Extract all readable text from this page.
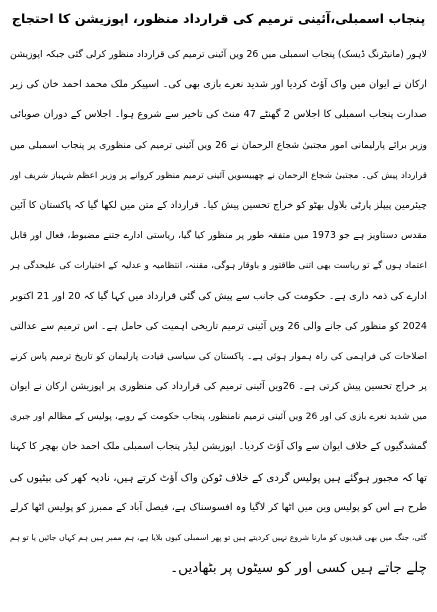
پنجاب اسمبلی،آئینی ترمیم کی قرارداد منظور، اپوزیشن کا احتجاج
لاہور (مانیٹرنگ ڈیسک) پنجاب اسمبلی میں 26 ویں آئینی ترمیم کی قرارداد منظور کرلی گئی جبکہ اپوزیشن
ارکان نے ایوان میں واک آؤٹ کردیا اور شدید نعرے بازی بھی کی۔ اسپیکر ملک محمد احمد خان کی زیر
صدارت پنجاب اسمبلی کا اجلاس 2 گھنٹے 47 منٹ کی تاخیر سے شروع ہوا۔ اجلاس کے دوران صوبائی
وزیر برائے پارلیمانی امور مجتبیٰ شجاع الرحمان نے 26 ویں آئینی ترمیم کی منظوری پر پنجاب اسمبلی میں
قرارداد پیش کی۔ مجتبیٰ شجاع الرحمان نے چھبیسویں آئینی ترمیم منظور کروانے پر وزیر اعظم شہباز شریف اور
چیئرمین پیپلز پارٹی بلاول بھٹو کو خراج تحسین پیش کیا۔ قرارداد کے متن میں لکھا گیا کہ پاکستان کا آئین
مقدس دستاویز ہے جو 1973 میں متفقہ طور پر منظور کیا گیا، ریاستی ادارے جتنے مضبوط، فعال اور قابل
اعتماد ہوں گے تو ریاست بھی اتنی طاقتور و باوقار ہوگی، مقننہ، انتظامیہ و عدلیہ کے اختیارات کی علیحدگی ہر
ادارے کی ذمہ داری ہے۔ حکومت کی جانب سے پیش کی گئی قرارداد میں کہا گیا کہ 20 اور 21 اکتوبر
2024 کو منظور کی جانے والی 26 ویں آئینی ترمیم تاریخی اہمیت کی حامل ہے۔ اس ترمیم سے عدالتی
اصلاحات کی فراہمی کی راہ ہموار ہوئی ہے۔ پاکستان کی سیاسی قیادت پارلیمان کو تاریخ ترمیم پاس کرنے
پر خراج تحسین پیش کرتی ہے۔ 26ویں آئینی ترمیم کی قرارداد کی منظوری پر اپوزیشن ارکان نے ایوان
میں شدید نعرے بازی کی اور 26 ویں آئینی ترمیم نامنظور، پنجاب حکومت کے رویے، پولیس کے مظالم اور جبری
گمشدگیوں کے خلاف ایوان سے واک آؤٹ کردیا۔ اپوزیشن لیڈر پنجاب اسمبلی ملک احمد خان بھچر کا کہنا
تھا کہ مجبور ہوگئے ہیں پولیس گردی کے خلاف ٹوکن واک آؤٹ کرتے ہیں، نادیہ کھر کی بیٹیوں کی
طرح ہے اس کو پولیس وین میں اٹھا کر لاگیا وہ افسوسناک ہے، فیصل آباد کے ممبرز کو پولیس اٹھا کرلے
گئی، جنگ میں بھی قیدیوں کو مارنا شروع نہیں کردیتے ہیں تو پھر اسمبلی کیوں بلایا ہے، ہم ممبر ہیں ہم کہاں جائیں یا تو ہم
چلے جاتے ہیں کسی اور کو سیٹوں پر بٹھادیں۔
